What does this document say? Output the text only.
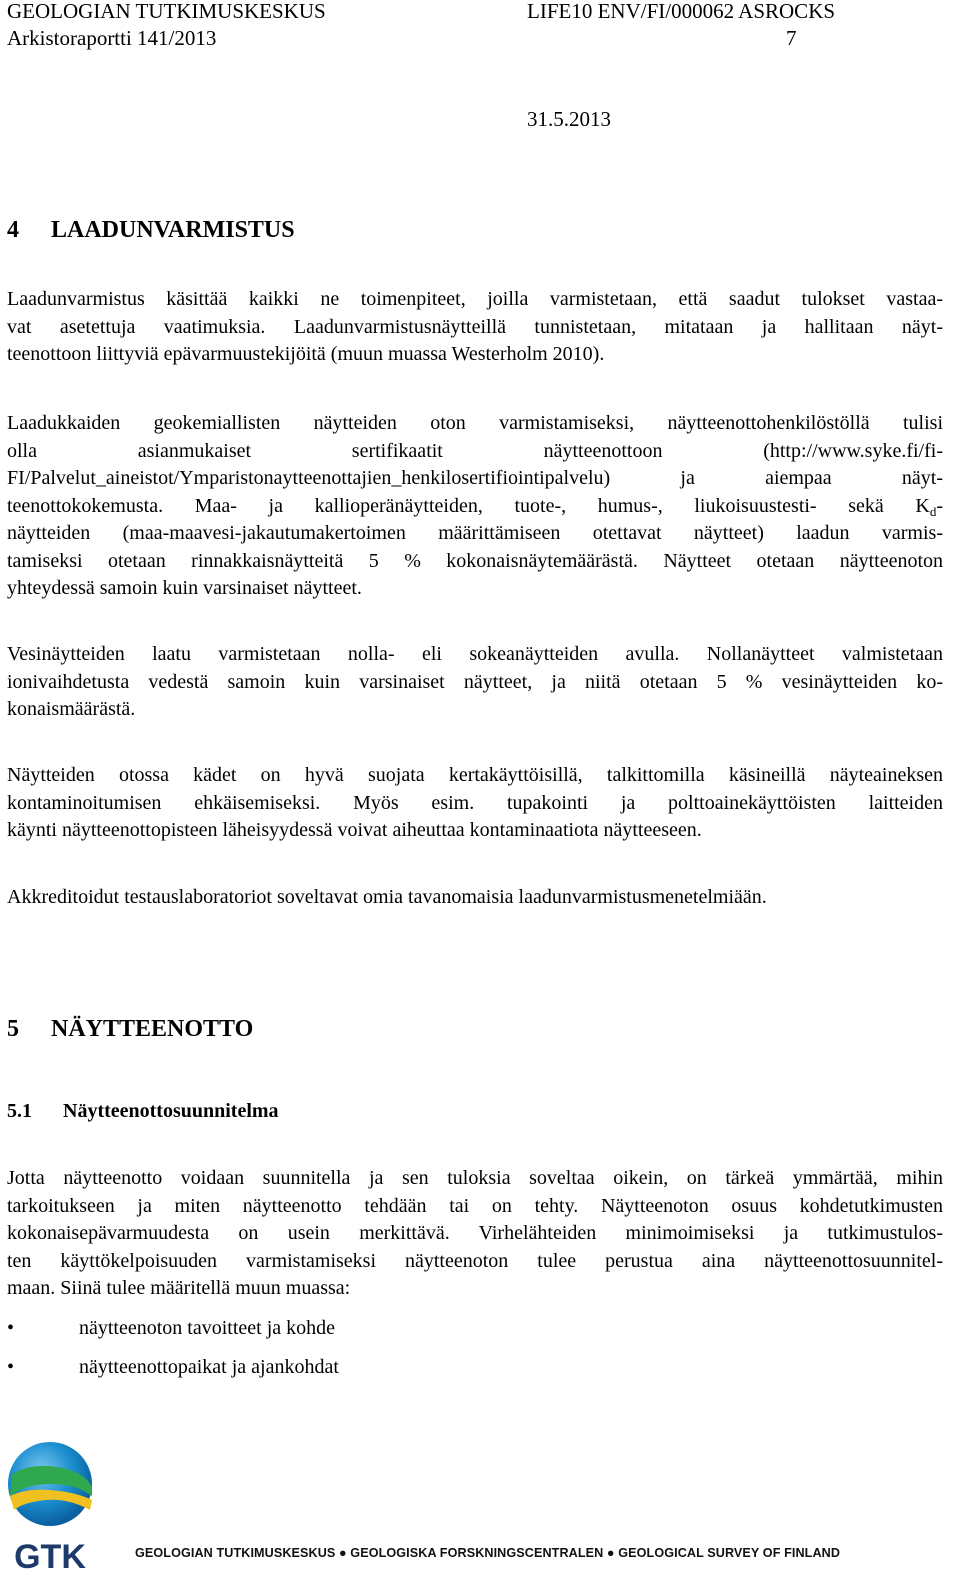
GEOLOGIAN TUTKIMUSKESKUS
Arkistoraportti 141/2013
LIFE10 ENV/FI/000062 ASROCKS
7
31.5.2013
4 LAADUNVARMISTUS
Laadunvarmistus käsittää kaikki ne toimenpiteet, joilla varmistetaan, että saadut tulokset vastaa-
vat asetettuja vaatimuksia. Laadunvarmistusnäytteillä tunnistetaan, mitataan ja hallitaan näyt-
teenottoon liittyviä epävarmuustekijöitä (muun muassa Westerholm 2010).
Laadukkaiden geokemiallisten näytteiden oton varmistamiseksi, näytteenottohenkilöstöllä tulisi
olla asianmukaiset sertifikaatit näytteenottoon (http://www.syke.fi/fi-
FI/Palvelut_aineistot/Ymparistonaytteenottajien_henkilosertifiointipalvelu) ja aiempaa näyt-
teenottokokemusta. Maa- ja kallioperänäytteiden, tuote-, humus-, liukoisuustesti- sekä $K_d-$
näytteiden (maa-maavesi-jakautumakertoimen määrittämiseen otettavat näytteet) laadun varmis-
tamiseksi otetaan rinnakkaisnäytteitä 5 % kokonaisnäytemäärästä. Näytteet otetaan näytteenoton
yhteydessä samoin kuin varsinaiset näytteet.
Vesinäytteiden laatu varmistetaan nolla- eli sokeanäytteiden avulla. Nollanäytteet valmistetaan
ionivaihdetusta vedestä samoin kuin varsinaiset näytteet, ja niitä otetaan 5 % vesinäytteiden ko-
konaismäärästä.
Näytteiden otossa kädet on hyvä suojata kertakäyttöisillä, talkittomilla käsineillä näyteaineksen
kontaminoitumisen ehkäisemiseksi. Myös esim. tupakointi ja polttoainekäyttöisten laitteiden
käynti näytteenottopisteen läheisyydessä voivat aiheuttaa kontaminaatiota näytteeseen.
Akkreditoidut testauslaboratoriot soveltavat omia tavanomaisia laadunvarmistusmenetelmiään.
5 NÄYTTEENOTTO
5.1 Näytteenottosuunnitelma
Jotta näytteenotto voidaan suunnitella ja sen tuloksia soveltaa oikein, on tärkeä ymmärtää, mihin
tarkoitukseen ja miten näytteenotto tehdään tai on tehty. Näytteenoton osuus kohdetutkimusten
kokonaisepävarmuudesta on usein merkittävä. Virhelähteiden minimoimiseksi ja tutkimustulos-
ten käyttökelpoisuuden varmistamiseksi näytteenoton tulee perustua aina näytteenottosuunnitel-
maan. Siinä tulee määritellä muun muassa:
•	näytteenoton tavoitteet ja kohde
•	näytteenottopaikat ja ajankohdat
GTK	GEOLOGIAN TUTKIMUSKESKUS ● GEOLOGISKA FORSKNINGSCENTRALEN ● GEOLOGICAL SURVEY OF FINLAND
